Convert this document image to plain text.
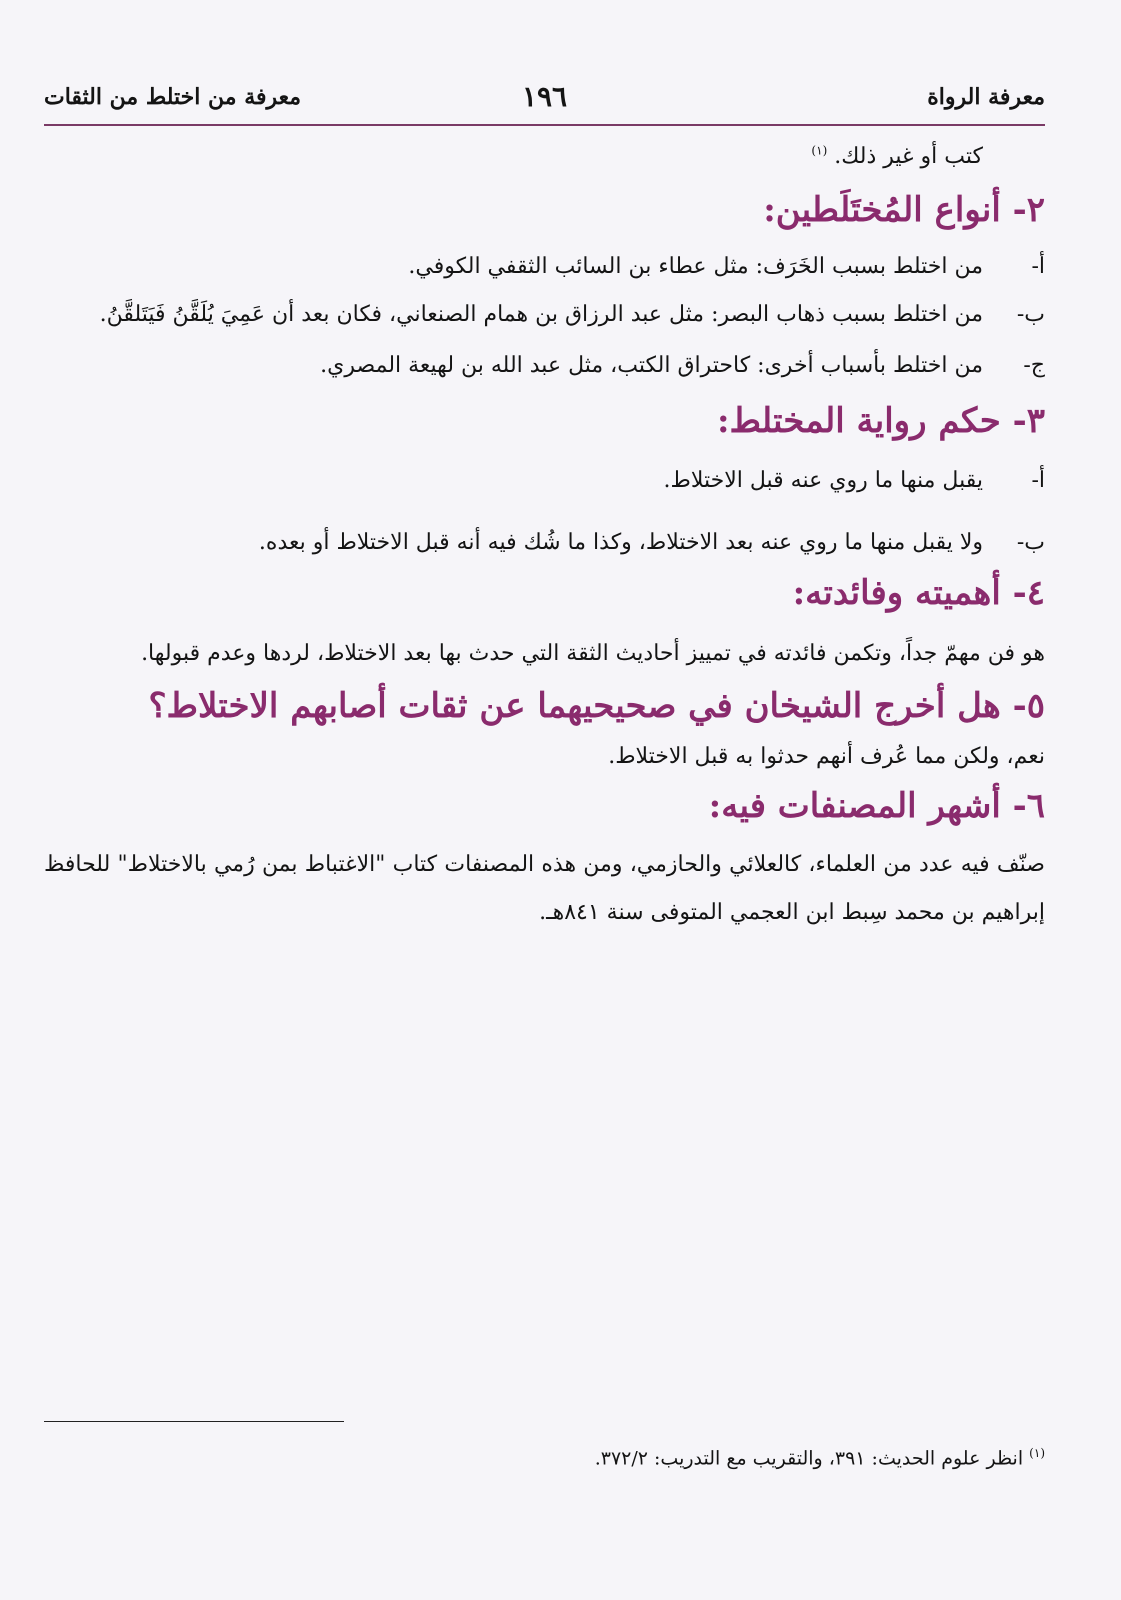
معرفة الرواة
١٩٦
معرفة من اختلط من الثقات

كتب أو غير ذلك. $^{(١)}$

٢- أنواع المُختَلَطين:
أ-
من اختلط بسبب الخَرَف: مثل عطاء بن السائب الثقفي الكوفي.
ب-
من اختلط بسبب ذهاب البصر: مثل عبد الرزاق بن همام الصنعاني، فكان بعد أن عَمِيَ يُلَقَّنُ فَيَتَلقَّنُ.
ج-
من اختلط بأسباب أخرى: كاحتراق الكتب، مثل عبد الله بن لهيعة المصري.
٣- حكم رواية المختلط:
أ-
يقبل منها ما روي عنه قبل الاختلاط.
ب-
ولا يقبل منها ما روي عنه بعد الاختلاط، وكذا ما شُك فيه أنه قبل الاختلاط أو بعده.
٤- أهميته وفائدته:

هو فن مهمّ جداً، وتكمن فائدته في تمييز أحاديث الثقة التي حدث بها بعد الاختلاط، لردها وعدم قبولها.

٥- هل أخرج الشيخان في صحيحيهما عن ثقات أصابهم الاختلاط؟

نعم، ولكن مما عُرف أنهم حدثوا به قبل الاختلاط.

٦- أشهر المصنفات فيه:

صنّف فيه عدد من العلماء، كالعلائي والحازمي، ومن هذه المصنفات كتاب "الاغتباط بمن رُمي بالاختلاط" للحافظ إبراهيم بن محمد سِبط ابن العجمي المتوفى سنة ٨٤١هـ.

$^{(١)}$ انظر علوم الحديث: ٣٩١، والتقريب مع التدريب: ٣٧٢/٢.
